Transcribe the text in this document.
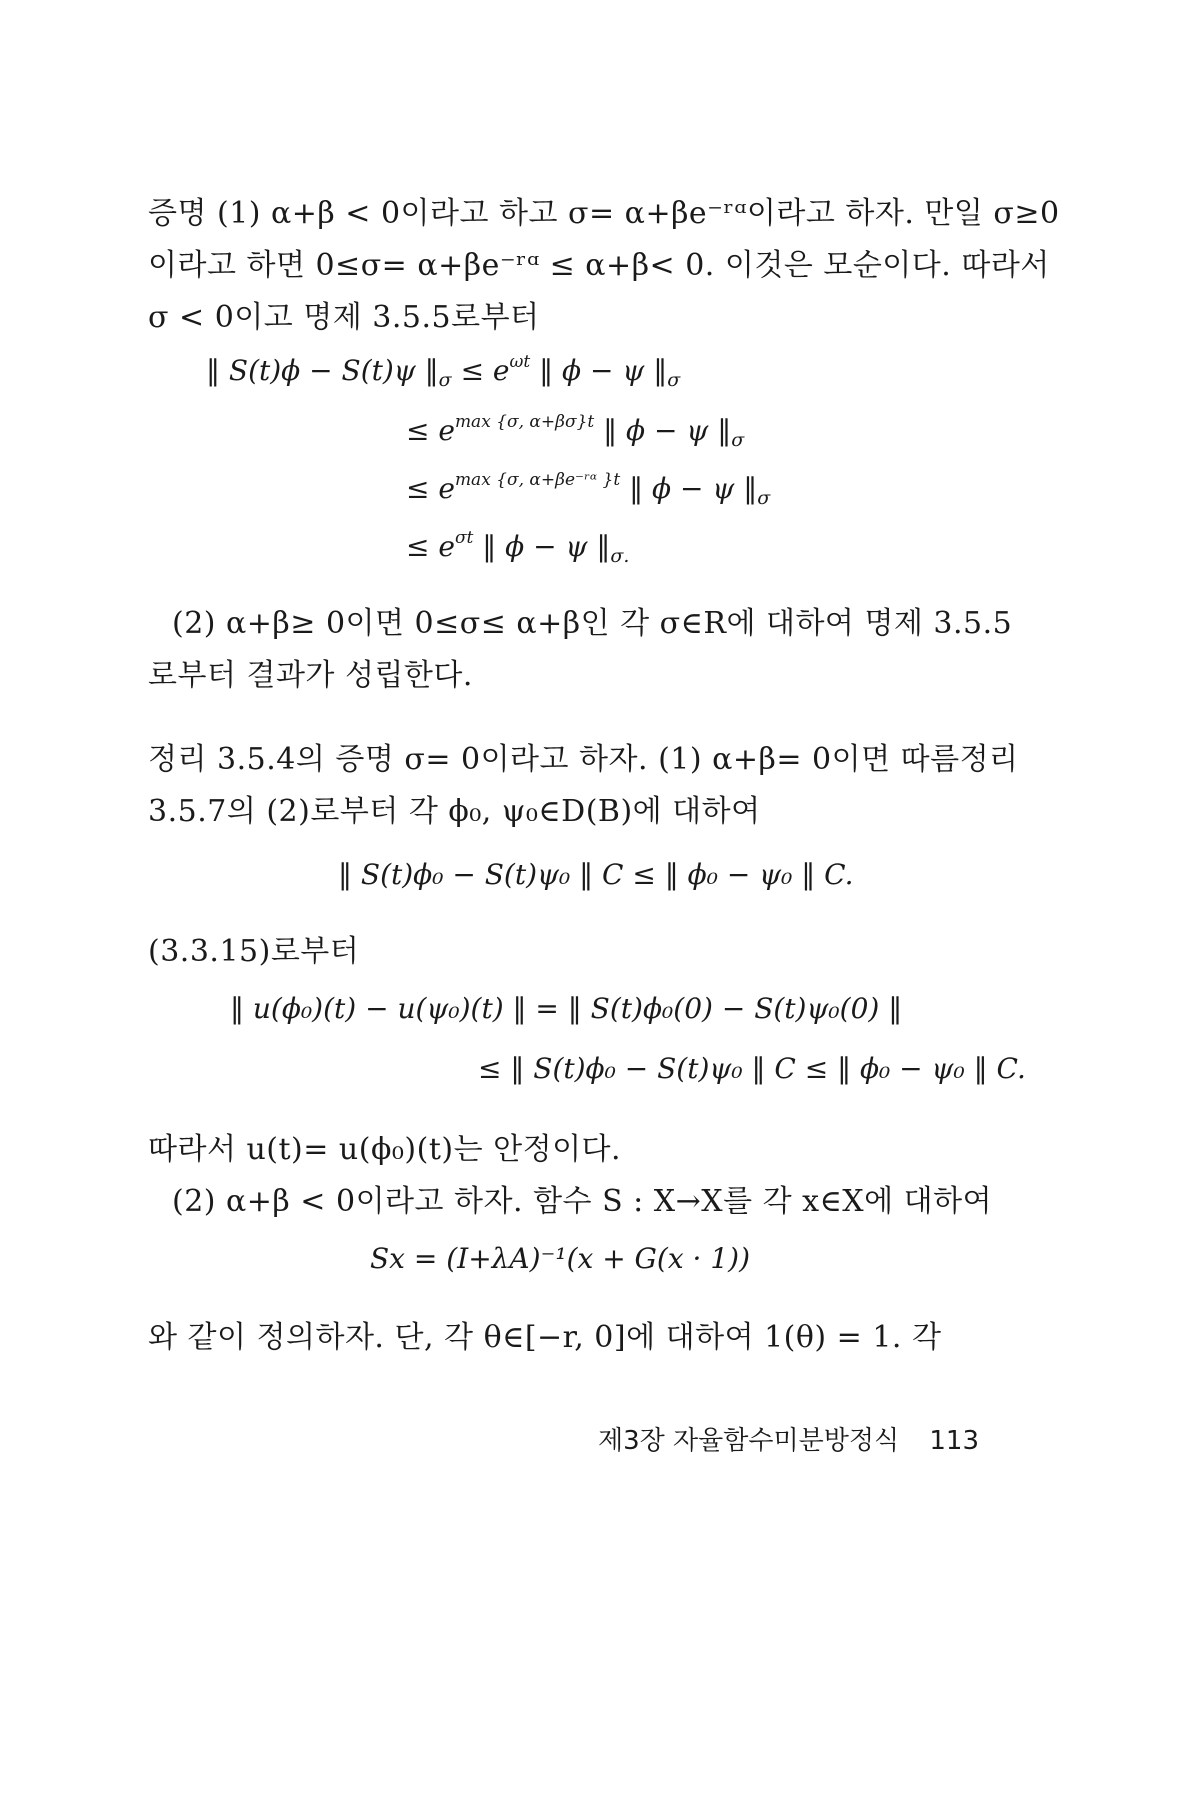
증명 (1) α+β < 0이라고 하고 σ= α+βe⁻ʳᵅ이라고 하자. 만일 σ≥0
이라고 하면 0≤σ= α+βe⁻ʳᵅ ≤ α+β< 0. 이것은 모순이다. 따라서
σ < 0이고 명제 3.5.5로부터
‖ S(t)ϕ − S(t)ψ $‖_\sigma \le e^{\omega t}$ ‖ ϕ − ψ $‖_\sigma$
≤ $e^{max \{\sigma, \alpha+\beta\sigma\}t}$ ‖ ϕ − ψ $‖_\sigma$
≤ $e^{max \{\sigma, \alpha+\beta e^-ʳᵅ \}t}$ ‖ ϕ − ψ $‖_\sigma$
≤ $e^{\sigma t}$ ‖ ϕ − ψ $‖_{\sigma.}$
(2) α+β≥ 0이면 0≤σ≤ α+β인 각 σ∈R에 대하여 명제 3.5.5
로부터 결과가 성립한다.
정리 3.5.4의 증명 σ= 0이라고 하자. (1) α+β= 0이면 따름정리
3.5.7의 (2)로부터 각 ϕ₀, ψ₀∈D(B)에 대하여
‖ S(t)ϕ₀ − S(t)ψ₀ ‖ C ≤ ‖ ϕ₀ − ψ₀ ‖ C.
(3.3.15)로부터
‖ u(ϕ₀)(t) − u(ψ₀)(t) ‖ = ‖ S(t)ϕ₀(0) − S(t)ψ₀(0) ‖
≤ ‖ S(t)ϕ₀ − S(t)ψ₀ ‖ C ≤ ‖ ϕ₀ − ψ₀ ‖ C.
따라서 u(t)= u(ϕ₀)(t)는 안정이다.
(2) α+β < 0이라고 하자. 함수 S : X→X를 각 x∈X에 대하여
Sx = (I+λA)⁻¹(x + G(x · 1))
와 같이 정의하자. 단, 각 θ∈[−r, 0]에 대하여 1(θ) = 1. 각
제3장 자율함수미분방정식 113
